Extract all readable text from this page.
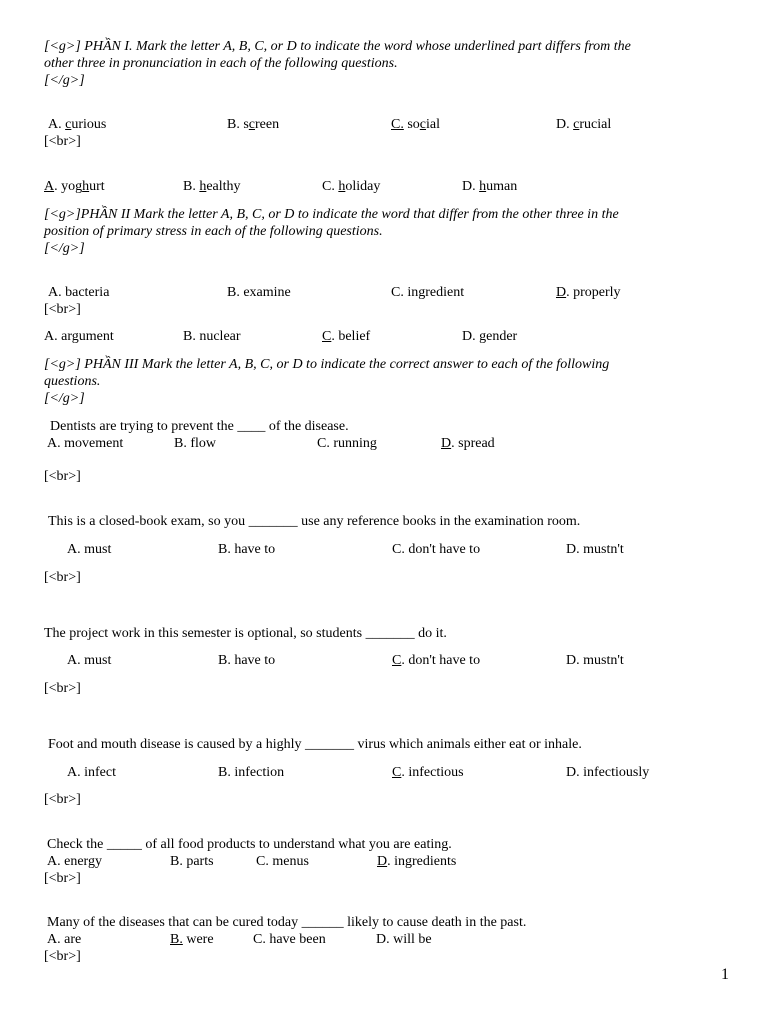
[<g>] PHẦN I. Mark the letter A, B, C, or D to indicate the word whose underlined part differs from the
other three in pronunciation in each of the following questions.
[</g>]
A. curious	B. screen	C. social	D. crucial
[<br>]
A. yoghurt	B. healthy	C. holiday	D. human
[<g>]PHẦN II Mark the letter A, B, C, or D to indicate the word that differ from the other three in the
position of primary stress in each of the following questions.
[</g>]
A. bacteria	B. examine	C. ingredient	D. properly
[<br>]
A. argument	B. nuclear	C. belief	D. gender
[<g>] PHẦN III Mark the letter A, B, C, or D to indicate the correct answer to each of the following
questions.
[</g>]
Dentists are trying to prevent the ____ of the disease.
A. movement	B. flow	C. running	D. spread
[<br>]
This is a closed-book exam, so you _______ use any reference books in the examination room.
A. must	B. have to	C. don't have to	D. mustn't
[<br>]
The project work in this semester is optional, so students _______ do it.
A. must	B. have to	C. don't have to	D. mustn't
[<br>]
Foot and mouth disease is caused by a highly _______ virus which animals either eat or inhale.
A. infect	B. infection	C. infectious	D. infectiously
[<br>]
Check the _____ of all food products to understand what you are eating.
A. energy	B. parts	C. menus	D. ingredients
[<br>]
Many of the diseases that can be cured today ______ likely to cause death in the past.
A. are	B. were	C. have been	D. will be
[<br>]
1
